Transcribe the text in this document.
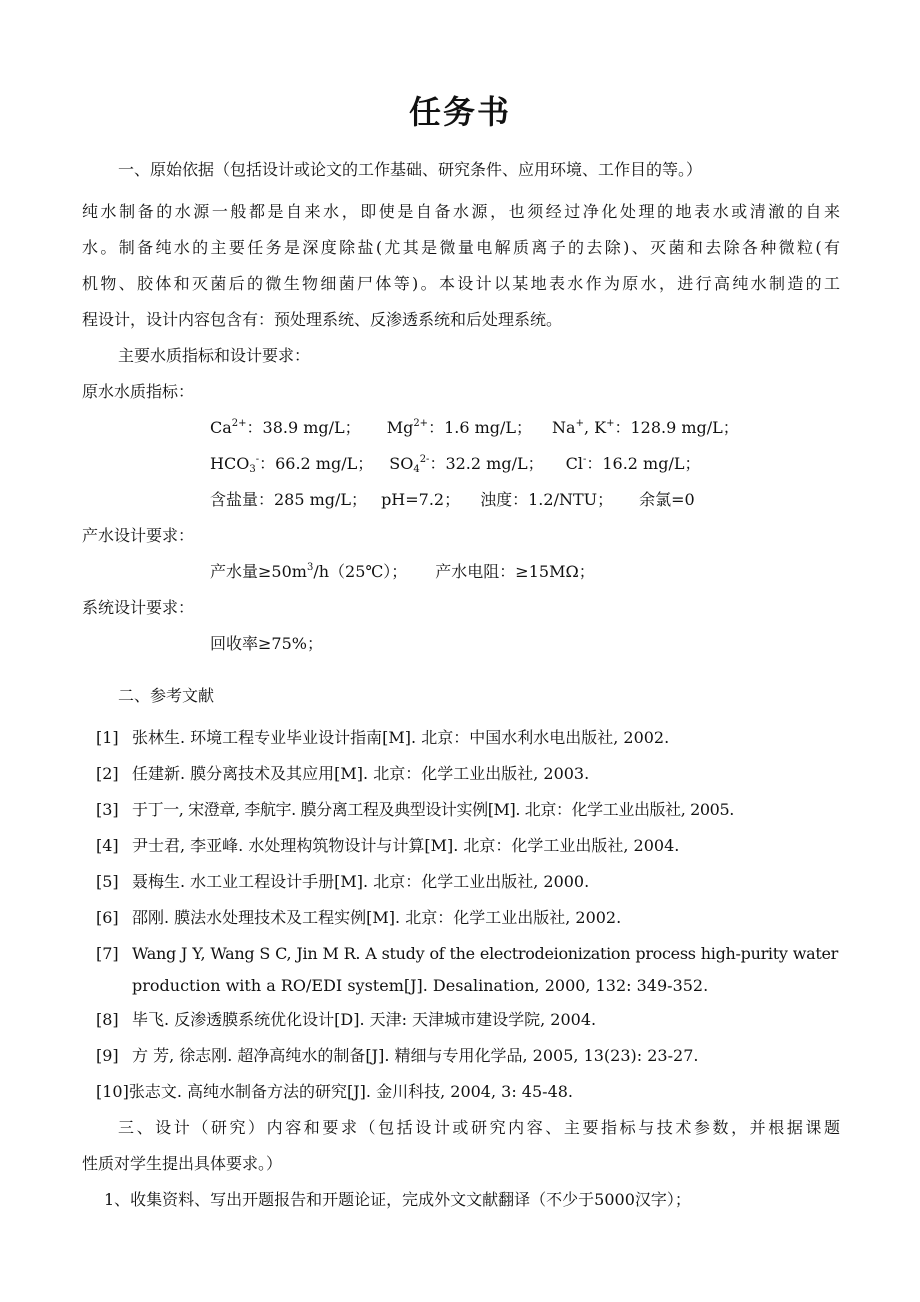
任务书
一、原始依据（包括设计或论文的工作基础、研究条件、应用环境、工作目的等。）
纯水制备的水源一般都是自来水，即使是自备水源，也须经过净化处理的地表水或清澈的自来
水。制备纯水的主要任务是深度除盐(尤其是微量电解质离子的去除)、灭菌和去除各种微粒(有
机物、胶体和灭菌后的微生物细菌尸体等)。本设计以某地表水作为原水，进行高纯水制造的工
程设计，设计内容包含有：预处理系统、反渗透系统和后处理系统。
主要水质指标和设计要求：
原水水质指标：
$Ca^{2+}$：38.9 mg/L； $Mg^{2+}$：1.6 mg/L； Na+, K+：128.9 mg/L；
$HCO_3^-$：66.2 mg/L； $SO_4^{2-}$：32.2 mg/L； Cl-：16.2 mg/L；
含盐量：285 mg/L； pH=7.2； 浊度：1.2/NTU； 余氯=0
产水设计要求：
产水量$\ge 50m^3/h(25℃)$； 产水电阻：≥15MΩ；
系统设计要求：
回收率≥75%；
二、参考文献
[1] 张林生. 环境工程专业毕业设计指南[M]. 北京：中国水利水电出版社, 2002.
[2] 任建新. 膜分离技术及其应用[M]. 北京：化学工业出版社, 2003.
[3] 于丁一, 宋澄章, 李航宇. 膜分离工程及典型设计实例[M]. 北京：化学工业出版社, 2005.
[4] 尹士君, 李亚峰. 水处理构筑物设计与计算[M]. 北京：化学工业出版社, 2004.
[5] 聂梅生. 水工业工程设计手册[M]. 北京：化学工业出版社, 2000.
[6] 邵刚. 膜法水处理技术及工程实例[M]. 北京：化学工业出版社, 2002.
[7] Wang J Y, Wang S C, Jin M R. A study of the electrodeionization process high-purity water
production with a RO/EDI system[J]. Desalination, 2000, 132: 349-352.
[8] 毕飞. 反渗透膜系统优化设计[D]. 天津: 天津城市建设学院, 2004.
[9] 方 芳, 徐志刚. 超净高纯水的制备[J]. 精细与专用化学品, 2005, 13(23): 23-27.
[10]张志文. 高纯水制备方法的研究[J]. 金川科技, 2004, 3: 45-48.
三、设计（研究）内容和要求（包括设计或研究内容、主要指标与技术参数，并根据课题
性质对学生提出具体要求。）
1、收集资料、写出开题报告和开题论证，完成外文文献翻译（不少于5000汉字）；
